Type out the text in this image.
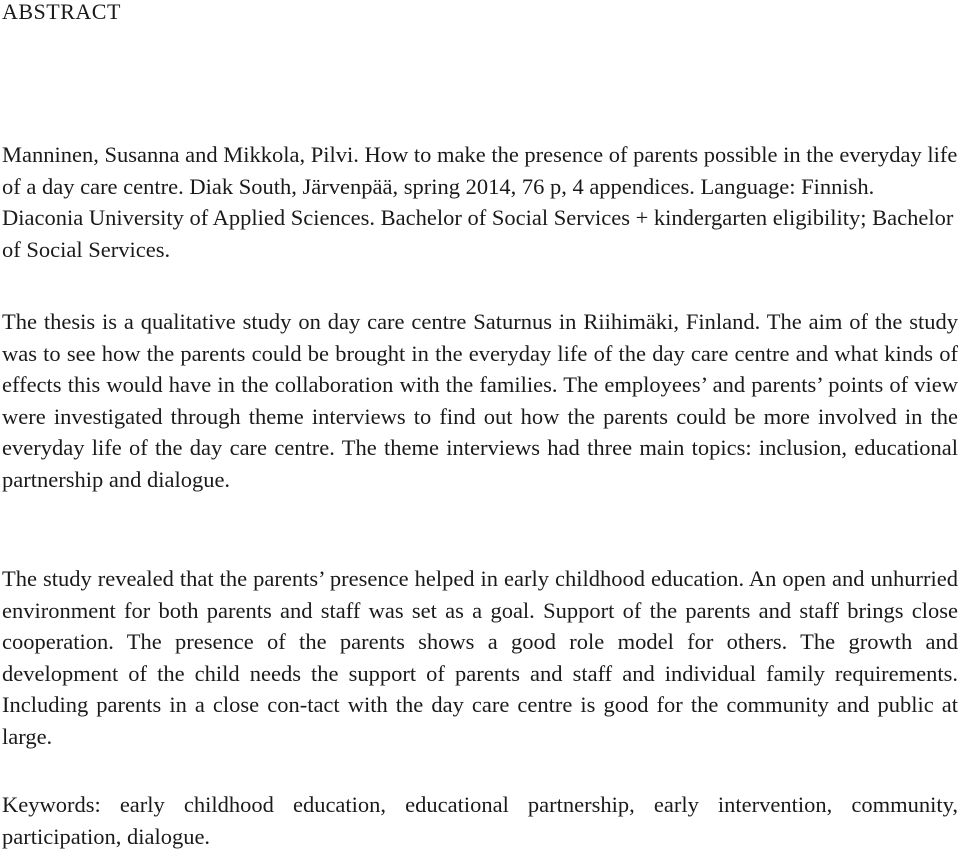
ABSTRACT

Manninen, Susanna and Mikkola, Pilvi. How to make the presence of parents possible in the everyday life of a day care centre. Diak South, Järvenpää, spring 2014, 76 p, 4 appendices. Language: Finnish. Diaconia University of Applied Sciences. Bachelor of Social Services + kindergarten eligibility; Bachelor of Social Services.

The thesis is a qualitative study on day care centre Saturnus in Riihimäki, Finland. The aim of the study was to see how the parents could be brought in the everyday life of the day care centre and what kinds of effects this would have in the collaboration with the families. The employees’ and parents’ points of view were investigated through theme interviews to find out how the parents could be more involved in the everyday life of the day care centre. The theme interviews had three main topics: inclusion, educational partnership and dialogue.

The study revealed that the parents’ presence helped in early childhood education. An open and unhurried environment for both parents and staff was set as a goal. Support of the parents and staff brings close cooperation. The presence of the parents shows a good role model for others. The growth and development of the child needs the support of parents and staff and individual family requirements. Including parents in a close con-tact with the day care centre is good for the community and public at large.

Keywords: early childhood education, educational partnership, early intervention, community, participation, dialogue.
